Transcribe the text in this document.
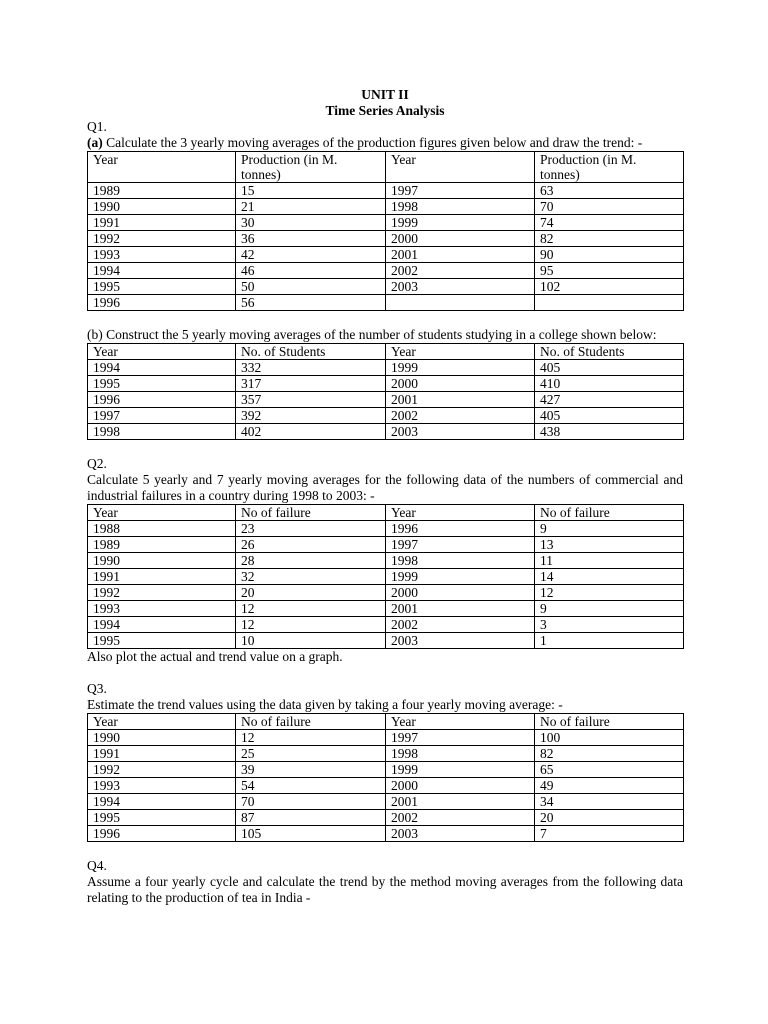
UNIT II
Time Series Analysis

Q1.

(a) Calculate the 3 yearly moving averages of the production figures given below and draw the trend: -

Year	Production (in M. tonnes)	Year	Production (in M. tonnes)
1989	15	1997	63
1990	21	1998	70
1991	30	1999	74
1992	36	2000	82
1993	42	2001	90
1994	46	2002	95
1995	50	2003	102
1996	56		

(b) Construct the 5 yearly moving averages of the number of students studying in a college shown below:

Year	No. of Students	Year	No. of Students
1994	332	1999	405
1995	317	2000	410
1996	357	2001	427
1997	392	2002	405
1998	402	2003	438

Q2.

Calculate 5 yearly and 7 yearly moving averages for the following data of the numbers of commercial and industrial failures in a country during 1998 to 2003: -

Year	No of failure	Year	No of failure
1988	23	1996	9
1989	26	1997	13
1990	28	1998	11
1991	32	1999	14
1992	20	2000	12
1993	12	2001	9
1994	12	2002	3
1995	10	2003	1

Also plot the actual and trend value on a graph.

Q3.

Estimate the trend values using the data given by taking a four yearly moving average: -

Year	No of failure	Year	No of failure
1990	12	1997	100
1991	25	1998	82
1992	39	1999	65
1993	54	2000	49
1994	70	2001	34
1995	87	2002	20
1996	105	2003	7

Q4.

Assume a four yearly cycle and calculate the trend by the method moving averages from the following data relating to the production of tea in India -
